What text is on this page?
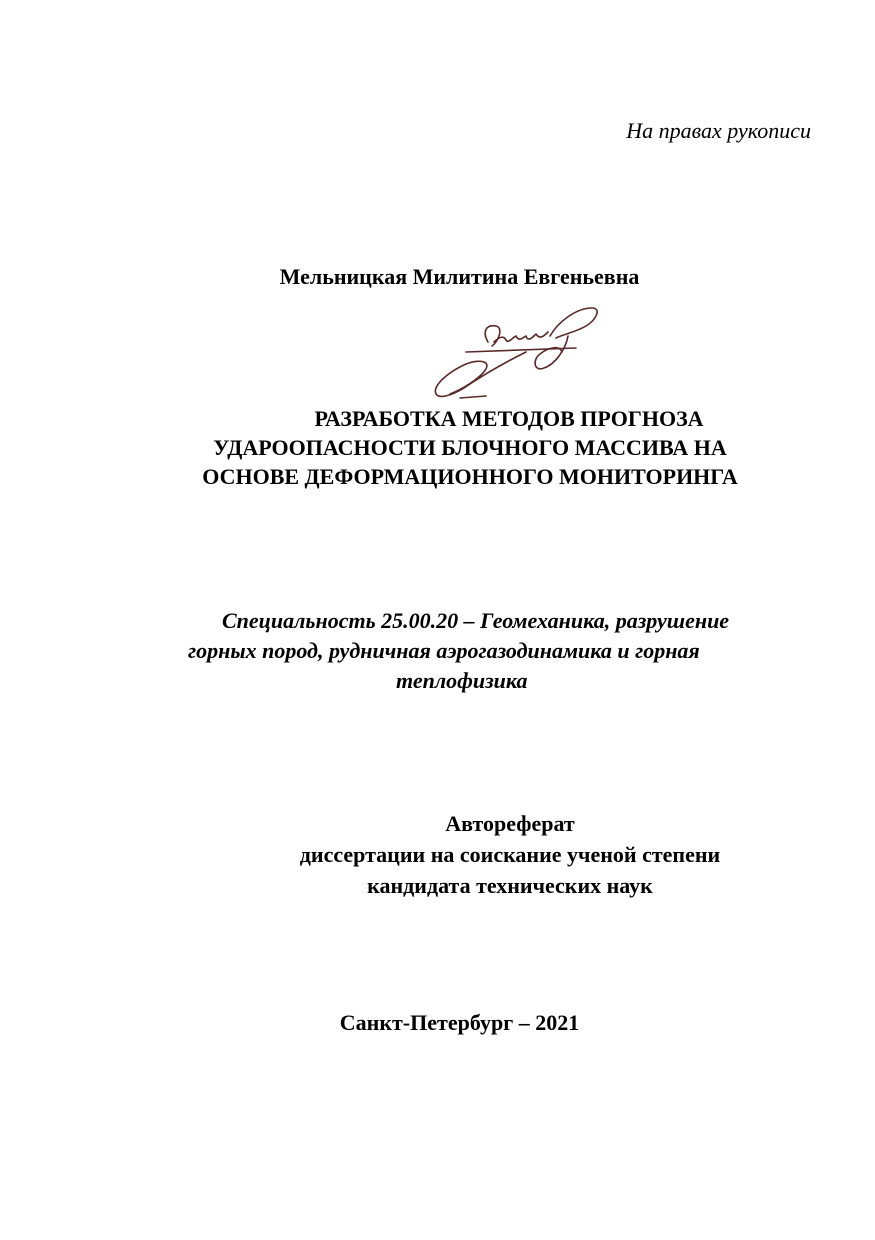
На правах рукописи

Мельницкая Милитина Евгеньевна

РАЗРАБОТКА МЕТОДОВ ПРОГНОЗА
УДАРООПАСНОСТИ БЛОЧНОГО МАССИВА НА
ОСНОВЕ ДЕФОРМАЦИОННОГО МОНИТОРИНГА
Специальность 25.00.20 – Геомеханика, разрушение
горных пород, рудничная аэрогазодинамика и горная
теплофизика
Автореферат
диссертации на соискание ученой степени
кандидата технических наук

Санкт-Петербург – 2021
